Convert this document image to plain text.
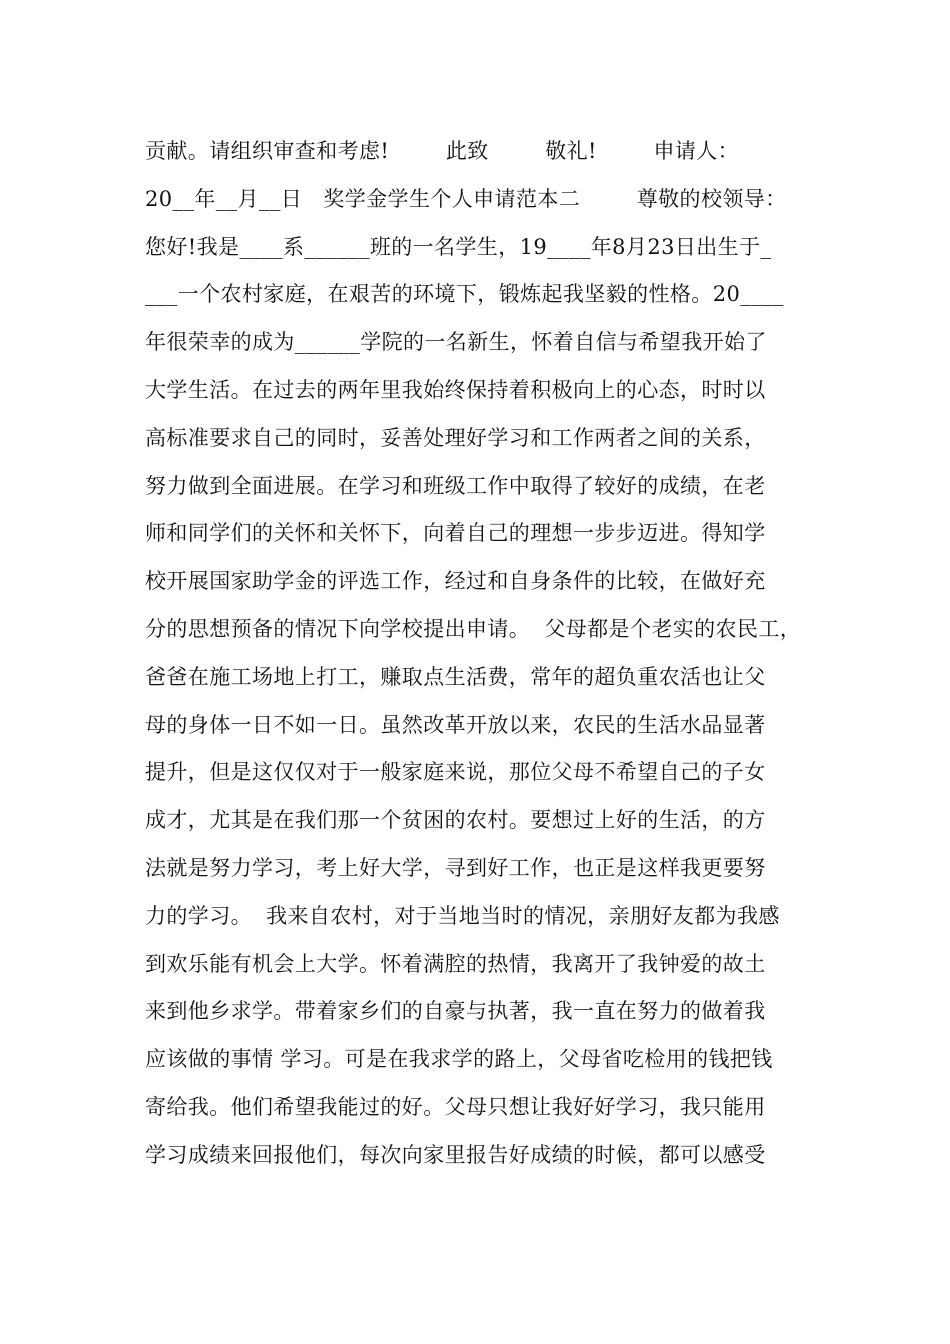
贡献。请组织审查和考虑!        此致        敬礼!        申请人：
20__年__月__日   奖学金学生个人申请范本二        尊敬的校领导：
您好!我是____系______班的一名学生，19____年8月23日出生于_
___一个农村家庭，在艰苦的环境下，锻炼起我坚毅的性格。20____
年很荣幸的成为______学院的一名新生，怀着自信与希望我开始了
大学生活。在过去的两年里我始终保持着积极向上的心态，时时以
高标准要求自己的同时，妥善处理好学习和工作两者之间的关系，
努力做到全面进展。在学习和班级工作中取得了较好的成绩，在老
师和同学们的关怀和关怀下，向着自己的理想一步步迈进。得知学
校开展国家助学金的评选工作，经过和自身条件的比较，在做好充
分的思想预备的情况下向学校提出申请。  父母都是个老实的农民工，
爸爸在施工场地上打工，赚取点生活费，常年的超负重农活也让父
母的身体一日不如一日。虽然改革开放以来，农民的生活水品显著
提升，但是这仅仅对于一般家庭来说，那位父母不希望自己的子女
成才，尤其是在我们那一个贫困的农村。要想过上好的生活，的方
法就是努力学习，考上好大学，寻到好工作，也正是这样我更要努
力的学习。  我来自农村，对于当地当时的情况，亲朋好友都为我感
到欢乐能有机会上大学。怀着满腔的热情，我离开了我钟爱的故土
来到他乡求学。带着家乡们的自豪与执著，我一直在努力的做着我
应该做的事情 学习。可是在我求学的路上，父母省吃检用的钱把钱
寄给我。他们希望我能过的好。父母只想让我好好学习，我只能用
学习成绩来回报他们，每次向家里报告好成绩的时候，都可以感受
